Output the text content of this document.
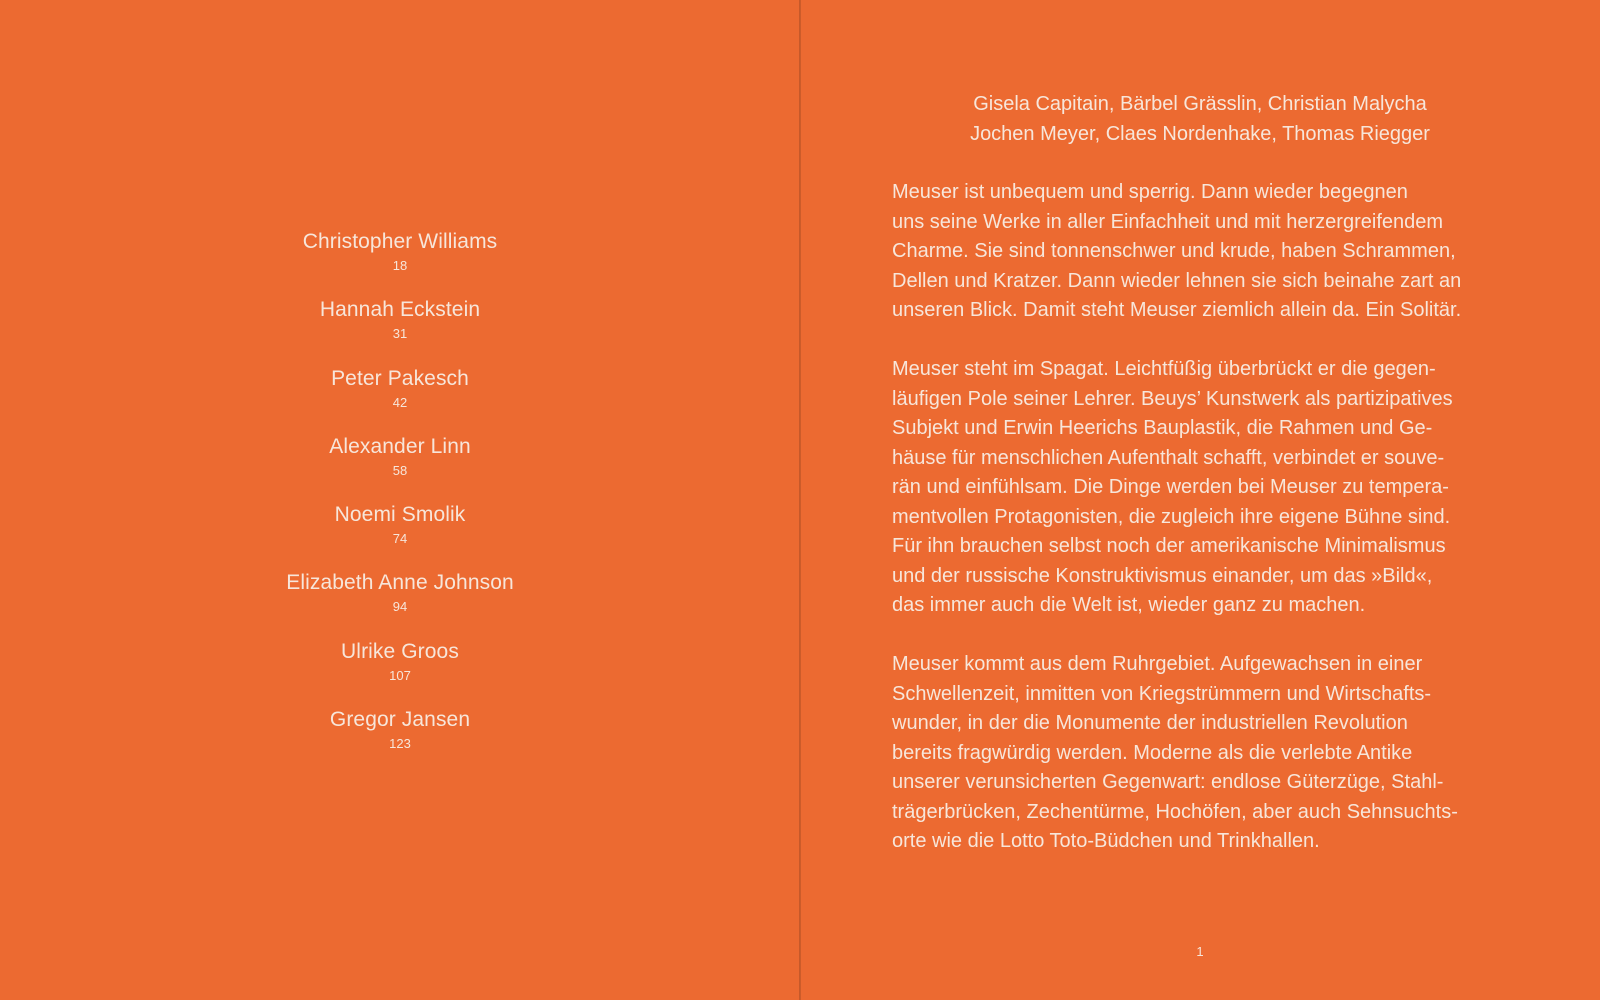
Christopher Williams
18
Hannah Eckstein
31
Peter Pakesch
42
Alexander Linn
58
Noemi Smolik
74
Elizabeth Anne Johnson
94
Ulrike Groos
107
Gregor Jansen
123
Gisela Capitain, Bärbel Grässlin, Christian Malycha
Jochen Meyer, Claes Nordenhake, Thomas Riegger
Meuser ist unbequem und sperrig. Dann wieder begegnen
uns seine Werke in aller Einfachheit und mit herzergreifendem
Charme. Sie sind tonnenschwer und krude, haben Schrammen,
Dellen und Kratzer. Dann wieder lehnen sie sich beinahe zart an
unseren Blick. Damit steht Meuser ziemlich allein da. Ein Solitär.
Meuser steht im Spagat. Leichtfüßig überbrückt er die gegen-
läufigen Pole seiner Lehrer. Beuys’ Kunstwerk als partizipatives
Subjekt und Erwin Heerichs Bauplastik, die Rahmen und Ge-
häuse für menschlichen Aufenthalt schafft, verbindet er souve-
rän und einfühlsam. Die Dinge werden bei Meuser zu tempera-
mentvollen Protagonisten, die zugleich ihre eigene Bühne sind.
Für ihn brauchen selbst noch der amerikanische Minimalismus
und der russische Konstruktivismus einander, um das »Bild«,
das immer auch die Welt ist, wieder ganz zu machen.
Meuser kommt aus dem Ruhrgebiet. Aufgewachsen in einer
Schwellenzeit, inmitten von Kriegstrümmern und Wirtschafts-
wunder, in der die Monumente der industriellen Revolution
bereits fragwürdig werden. Moderne als die verlebte Antike
unserer verunsicherten Gegenwart: endlose Güterzüge, Stahl-
trägerbrücken, Zechentürme, Hochöfen, aber auch Sehnsuchts-
orte wie die Lotto Toto-Büdchen und Trinkhallen.
1
